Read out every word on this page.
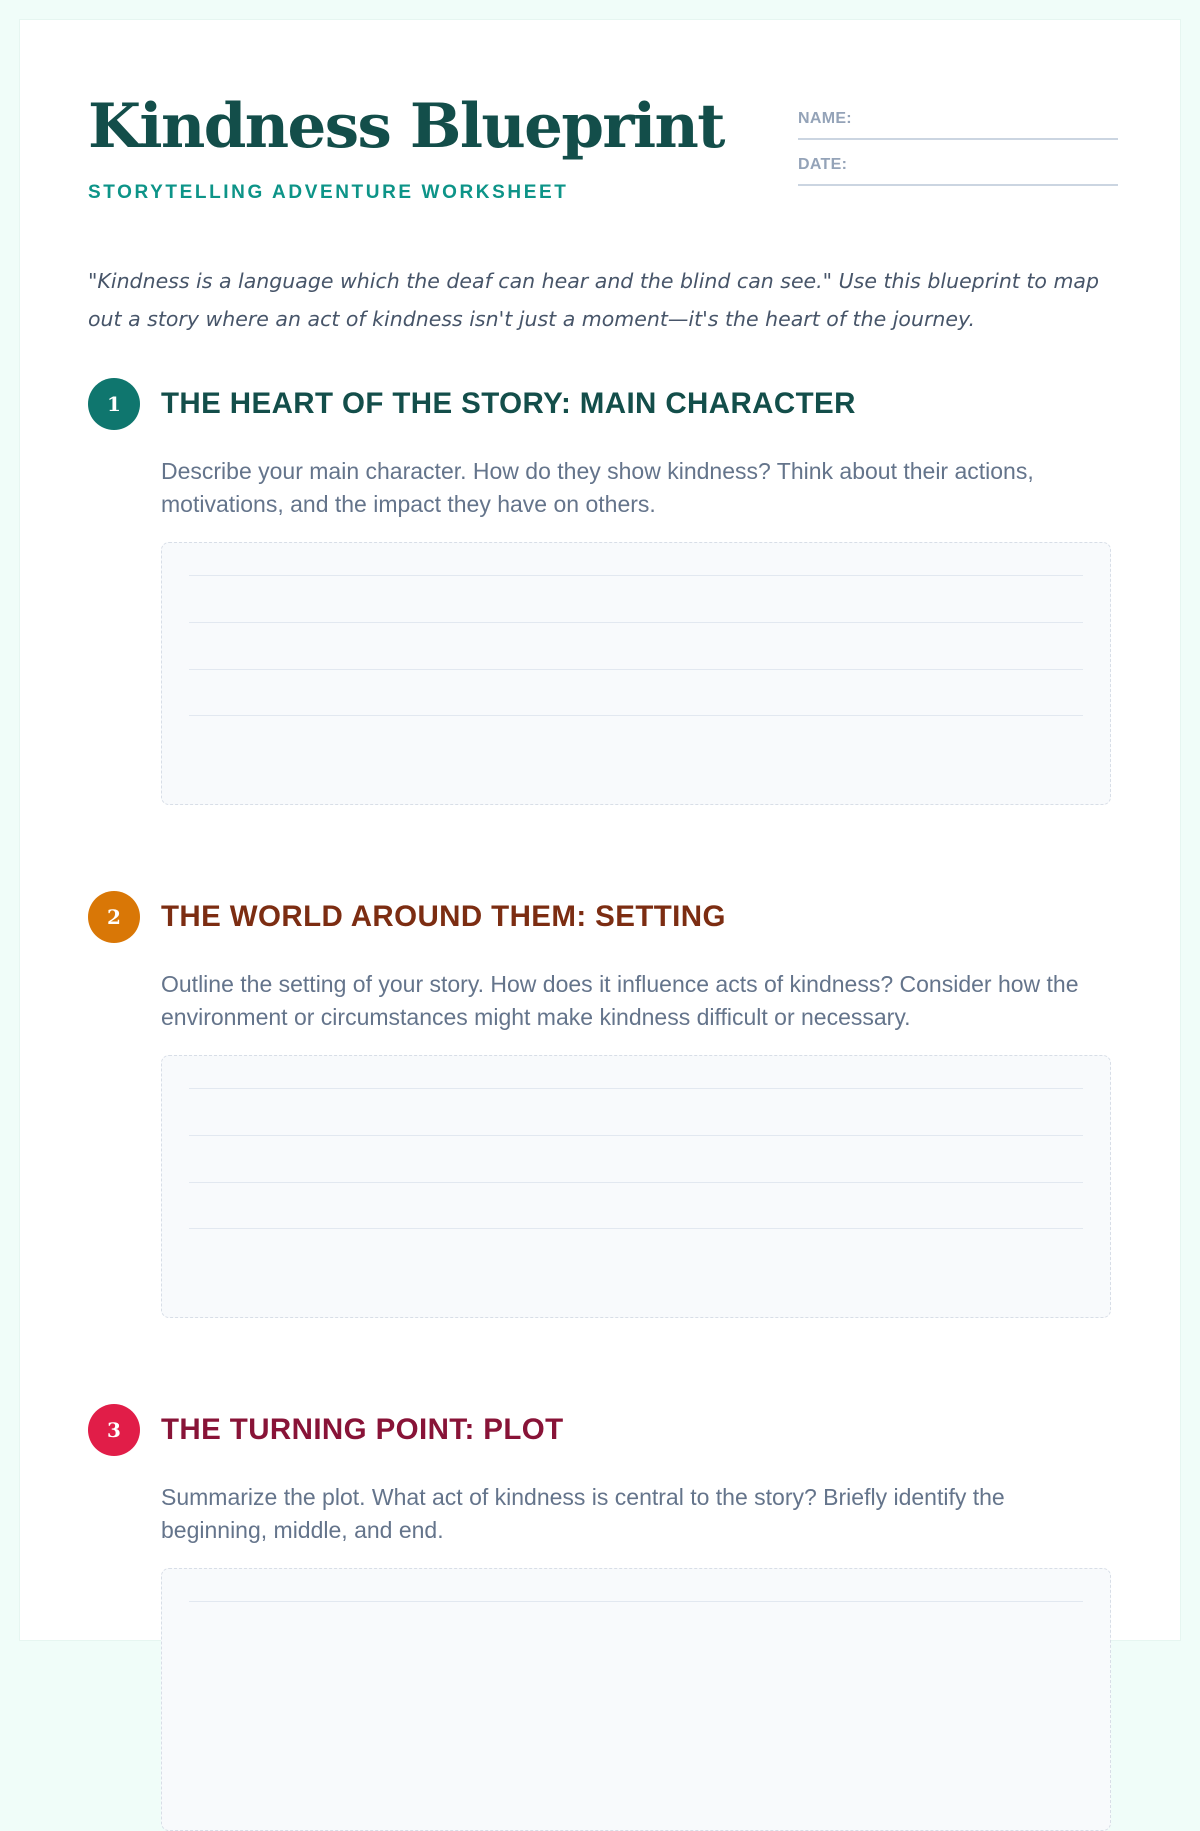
Kindness Blueprint
STORYTELLING ADVENTURE WORKSHEET
NAME:
DATE:

"Kindness is a language which the deaf can hear and the blind can see." Use this blueprint to map out a story where an act of kindness isn't just a moment—it's the heart of the journey.

1	THE HEART OF THE STORY: MAIN CHARACTER

Describe your main character. How do they show kindness? Think about their actions, motivations, and the impact they have on others.

2	THE WORLD AROUND THEM: SETTING

Outline the setting of your story. How does it influence acts of kindness? Consider how the environment or circumstances might make kindness difficult or necessary.

3	THE TURNING POINT: PLOT

Summarize the plot. What act of kindness is central to the story? Briefly identify the beginning, middle, and end.
